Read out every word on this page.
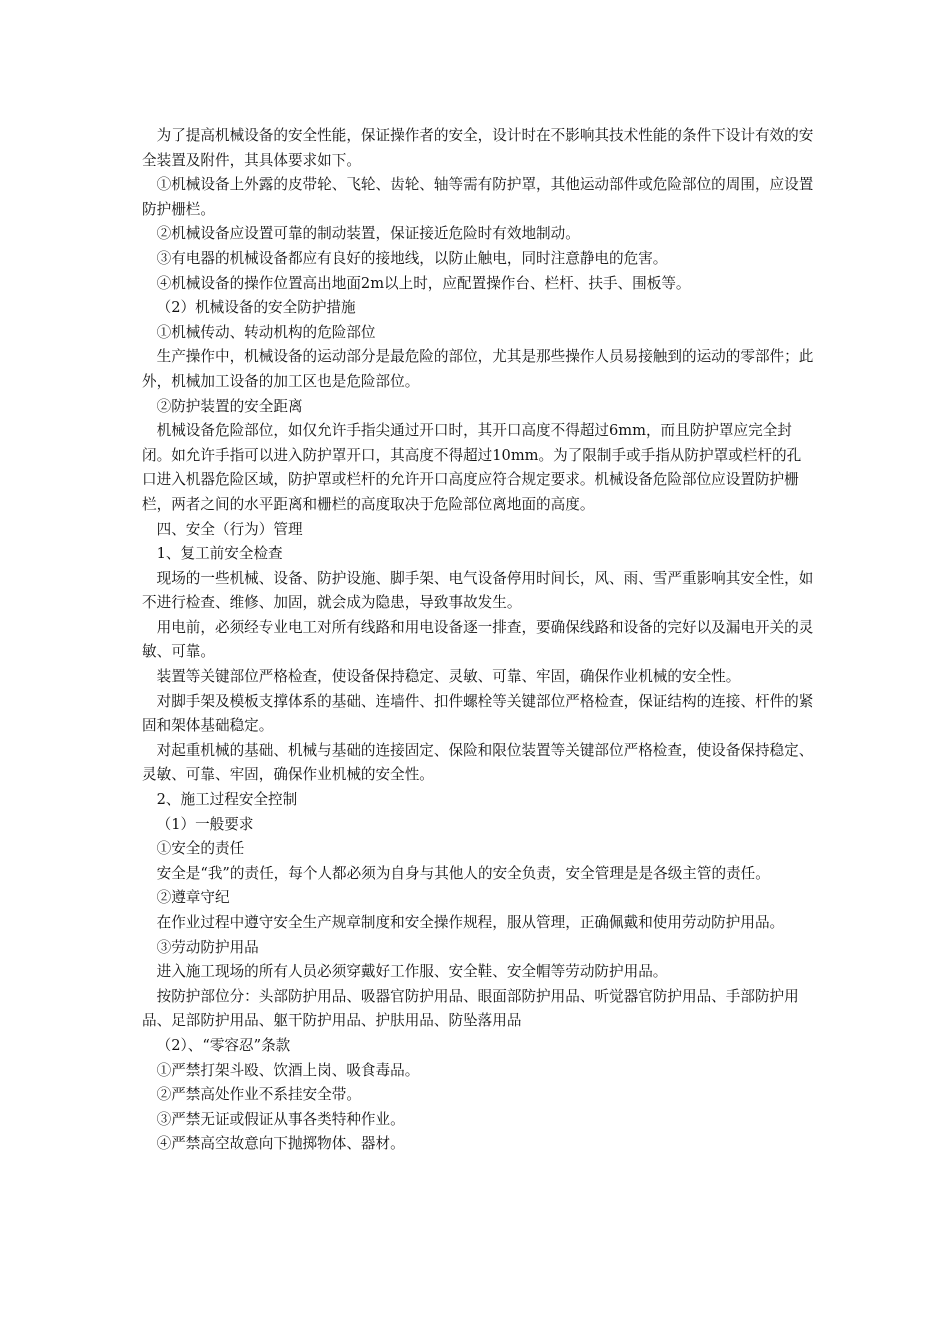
为了提高机械设备的安全性能，保证操作者的安全，设计时在不影响其技术性能的条件下设计有效的安全装置及附件，其具体要求如下。

①机械设备上外露的皮带轮、飞轮、齿轮、轴等需有防护罩，其他运动部件或危险部位的周围，应设置防护栅栏。

②机械设备应设置可靠的制动装置，保证接近危险时有效地制动。

③有电器的机械设备都应有良好的接地线，以防止触电，同时注意静电的危害。

④机械设备的操作位置高出地面2m以上时，应配置操作台、栏杆、扶手、围板等。

（2）机械设备的安全防护措施

①机械传动、转动机构的危险部位

生产操作中，机械设备的运动部分是最危险的部位，尤其是那些操作人员易接触到的运动的零部件；此外，机械加工设备的加工区也是危险部位。

②防护装置的安全距离

机械设备危险部位，如仅允许手指尖通过开口时，其开口高度不得超过6mm，而且防护罩应完全封闭。如允许手指可以进入防护罩开口，其高度不得超过10mm。为了限制手或手指从防护罩或栏杆的孔口进入机器危险区域，防护罩或栏杆的允许开口高度应符合规定要求。机械设备危险部位应设置防护栅栏，两者之间的水平距离和栅栏的高度取决于危险部位离地面的高度。

四、安全（行为）管理

1、复工前安全检查

现场的一些机械、设备、防护设施、脚手架、电气设备停用时间长，风、雨、雪严重影响其安全性，如不进行检查、维修、加固，就会成为隐患，导致事故发生。

用电前，必须经专业电工对所有线路和用电设备逐一排查，要确保线路和设备的完好以及漏电开关的灵敏、可靠。

装置等关键部位严格检查，使设备保持稳定、灵敏、可靠、牢固，确保作业机械的安全性。

对脚手架及模板支撑体系的基础、连墙件、扣件螺栓等关键部位严格检查，保证结构的连接、杆件的紧固和架体基础稳定。

对起重机械的基础、机械与基础的连接固定、保险和限位装置等关键部位严格检查，使设备保持稳定、灵敏、可靠、牢固，确保作业机械的安全性。

2、施工过程安全控制

（1）一般要求

①安全的责任

安全是“我”的责任，每个人都必须为自身与其他人的安全负责，安全管理是是各级主管的责任。

②遵章守纪

在作业过程中遵守安全生产规章制度和安全操作规程，服从管理，正确佩戴和使用劳动防护用品。

③劳动防护用品

进入施工现场的所有人员必须穿戴好工作服、安全鞋、安全帽等劳动防护用品。

按防护部位分：头部防护用品、吸器官防护用品、眼面部防护用品、听觉器官防护用品、手部防护用品、足部防护用品、躯干防护用品、护肤用品、防坠落用品

（2）、“零容忍”条款

①严禁打架斗殴、饮酒上岗、吸食毒品。

②严禁高处作业不系挂安全带。

③严禁无证或假证从事各类特种作业。

④严禁高空故意向下抛掷物体、器材。
